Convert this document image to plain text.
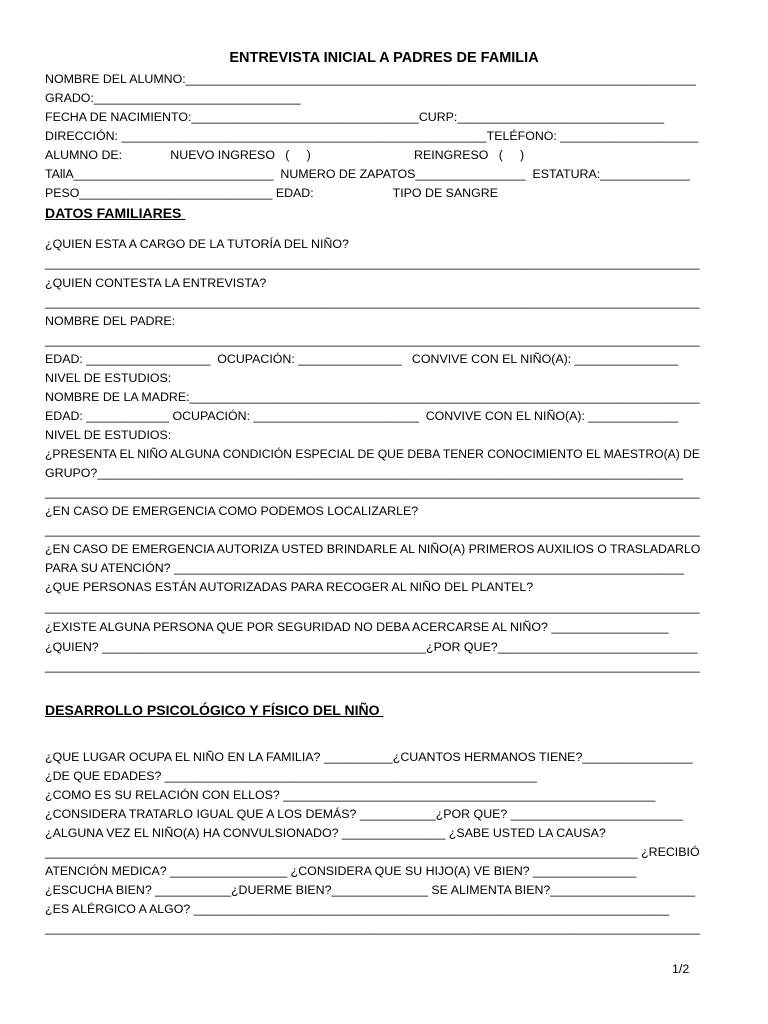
ENTREVISTA INICIAL A PADRES DE FAMILIA
NOMBRE DEL ALUMNO:__________________________________________________________________________
GRADO:______________________________
FECHA DE NACIMIENTO:_________________________________CURP:______________________________
DIRECCIÓN: _____________________________________________________TELÉFONO: ____________________
ALUMNO DE:              NUEVO INGRESO   (     )                              REINGRESO   (     )
TAllA_____________________________  NUMERO DE ZAPATOS________________  ESTATURA:_____________
PESO____________________________ EDAD:                       TIPO DE SANGRE
DATOS FAMILIARES
¿QUIEN ESTA A CARGO DE LA TUTORÍA DEL NIÑO?
_______________________________________________________________________________________________
¿QUIEN CONTESTA LA ENTREVISTA?
_______________________________________________________________________________________________
NOMBRE DEL PADRE:
_______________________________________________________________________________________________
EDAD: __________________  OCUPACIÓN: _______________   CONVIVE CON EL NIÑO(A): _______________
NIVEL DE ESTUDIOS:
NOMBRE DE LA MADRE:__________________________________________________________________________
EDAD: ____________ OCUPACIÓN: ________________________  CONVIVE CON EL NIÑO(A): _____________
NIVEL DE ESTUDIOS:
¿PRESENTA EL NIÑO ALGUNA CONDICIÓN ESPECIAL DE QUE DEBA TENER CONOCIMIENTO EL MAESTRO(A) DE
GRUPO?_____________________________________________________________________________________
_______________________________________________________________________________________________
¿EN CASO DE EMERGENCIA COMO PODEMOS LOCALIZARLE?
_______________________________________________________________________________________________
¿EN CASO DE EMERGENCIA AUTORIZA USTED BRINDARLE AL NIÑO(A) PRIMEROS AUXILIOS O TRASLADARLO
PARA SU ATENCIÓN? __________________________________________________________________________
¿QUE PERSONAS ESTÁN AUTORIZADAS PARA RECOGER AL NIÑO DEL PLANTEL?
_______________________________________________________________________________________________
¿EXISTE ALGUNA PERSONA QUE POR SEGURIDAD NO DEBA ACERCARSE AL NIÑO? _________________
¿QUIEN? _______________________________________________¿POR QUE?_____________________________
_______________________________________________________________________________________________
DESARROLLO PSICOLÓGICO Y FÍSICO DEL NIÑO
¿QUE LUGAR OCUPA EL NIÑO EN LA FAMILIA? __________¿CUANTOS HERMANOS TIENE?________________
¿DE QUE EDADES? ______________________________________________________
¿COMO ES SU RELACIÓN CON ELLOS? ______________________________________________________
¿CONSIDERA TRATARLO IGUAL QUE A LOS DEMÁS? ___________¿POR QUE? _________________________
¿ALGUNA VEZ EL NIÑO(A) HA CONVULSIONADO? _______________ ¿SABE USTED LA CAUSA?
______________________________________________________________________________________ ¿RECIBIÓ
ATENCIÓN MEDICA? _________________ ¿CONSIDERA QUE SU HIJO(A) VE BIEN? _______________
¿ESCUCHA BIEN? ___________¿DUERME BIEN?______________ SE ALIMENTA BIEN?_____________________
¿ES ALÉRGICO A ALGO? _____________________________________________________________________
_______________________________________________________________________________________________
1/2
